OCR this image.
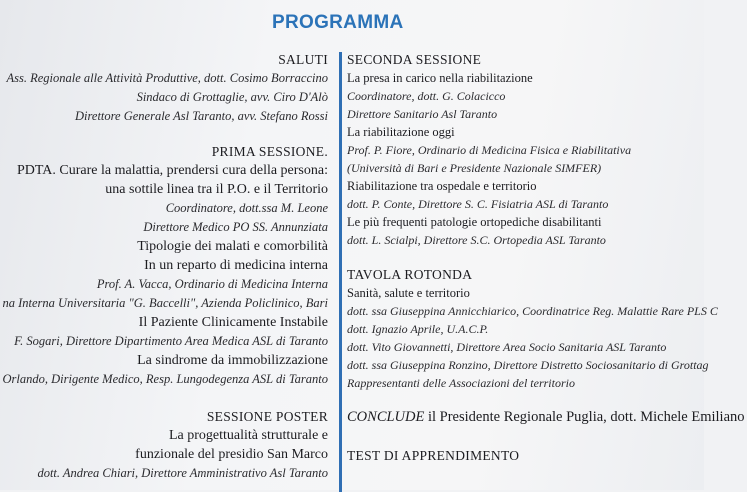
PROGRAMMA
SALUTI
Ass. Regionale alle Attività Produttive, dott. Cosimo Borraccino
Sindaco di Grottaglie, avv. Ciro D'Alò
Direttore Generale Asl Taranto, avv. Stefano Rossi
PRIMA SESSIONE.
PDTA. Curare la malattia, prendersi cura della persona:
una sottile linea tra il P.O. e il Territorio
Coordinatore, dott.ssa M. Leone
Direttore Medico PO SS. Annunziata
Tipologie dei malati e comorbilità
In un reparto di medicina interna
Prof. A. Vacca, Ordinario di Medicina Interna
na Interna Universitaria "G. Baccelli", Azienda Policlinico, Bari
Il Paziente Clinicamente Instabile
F. Sogari, Direttore Dipartimento Area Medica ASL di Taranto
La sindrome da immobilizzazione
Orlando, Dirigente Medico, Resp. Lungodegenza ASL di Taranto
SESSIONE POSTER
La progettualità strutturale e
funzionale del presidio San Marco
dott. Andrea Chiari, Direttore Amministrativo Asl Taranto
SECONDA SESSIONE
La presa in carico nella riabilitazione
Coordinatore, dott. G. Colacicco
Direttore Sanitario Asl Taranto
La riabilitazione oggi
Prof. P. Fiore, Ordinario di Medicina Fisica e Riabilitativa
(Università di Bari e Presidente Nazionale SIMFER)
Riabilitazione tra ospedale e territorio
dott. P. Conte, Direttore S. C. Fisiatria ASL di Taranto
Le più frequenti patologie ortopediche disabilitanti
dott. L. Scialpi, Direttore S.C. Ortopedia ASL Taranto
TAVOLA ROTONDA
Sanità, salute e territorio
dott. ssa Giuseppina Annicchiarico, Coordinatrice Reg. Malattie Rare PLS C
dott. Ignazio Aprile, U.A.C.P.
dott. Vito Giovannetti, Direttore Area Socio Sanitaria ASL Taranto
dott. ssa Giuseppina Ronzino, Direttore Distretto Sociosanitario di Grottag
Rappresentanti delle Associazioni del territorio
CONCLUDE il Presidente Regionale Puglia, dott. Michele Emiliano
TEST DI APPRENDIMENTO
